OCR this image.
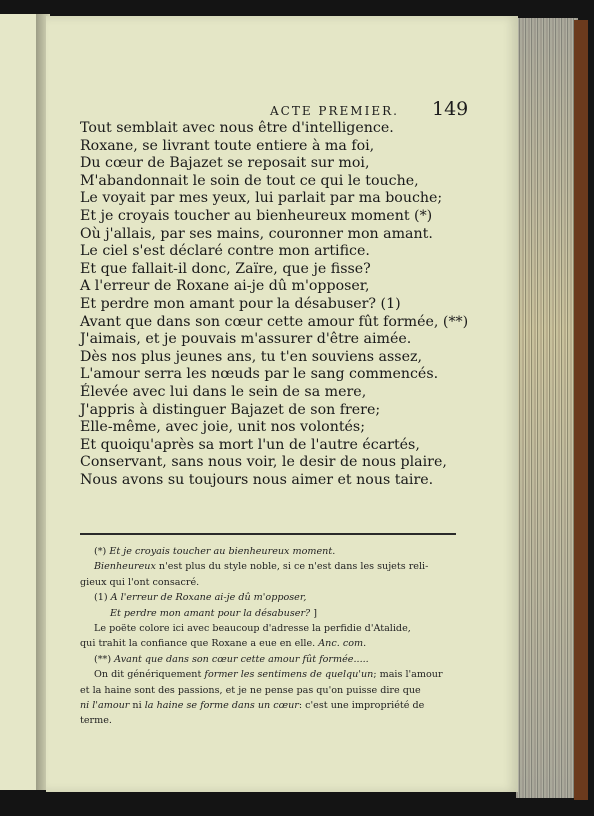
ACTE PREMIER. 149
Tout semblait avec nous être d'intelligence.
Roxane, se livrant toute entiere à ma foi,
Du cœur de Bajazet se reposait sur moi,
M'abandonnait le soin de tout ce qui le touche,
Le voyait par mes yeux, lui parlait par ma bouche;
Et je croyais toucher au bienheureux moment (*)
Où j'allais, par ses mains, couronner mon amant.
Le ciel s'est déclaré contre mon artifice.
Et que fallait-il donc, Zaïre, que je fisse?
A l'erreur de Roxane ai-je dû m'opposer,
Et perdre mon amant pour la désabuser? (1)
Avant que dans son cœur cette amour fût formée, (**)
J'aimais, et je pouvais m'assurer d'être aimée.
Dès nos plus jeunes ans, tu t'en souviens assez,
L'amour serra les nœuds par le sang commencés.
Élevée avec lui dans le sein de sa mere,
J'appris à distinguer Bajazet de son frere;
Elle-même, avec joie, unit nos volontés;
Et quoiqu'après sa mort l'un de l'autre écartés,
Conservant, sans nous voir, le desir de nous plaire,
Nous avons su toujours nous aimer et nous taire.
(*) Et je croyais toucher au bienheureux moment.
Bienheureux n'est plus du style noble, si ce n'est dans les sujets reli-
gieux qui l'ont consacré.
(1) A l'erreur de Roxane ai-je dû m'opposer,
Et perdre mon amant pour la désabuser? ]
Le poëte colore ici avec beaucoup d'adresse la perfidie d'Atalide,
qui trahit la confiance que Roxane a eue en elle. Anc. com.
(**) Avant que dans son cœur cette amour fût formée.....
On dit génériquement former les sentimens de quelqu'un; mais l'amour
et la haine sont des passions, et je ne pense pas qu'on puisse dire que
ni l'amour ni la haine se forme dans un cœur: c'est une impropriété de
terme.
